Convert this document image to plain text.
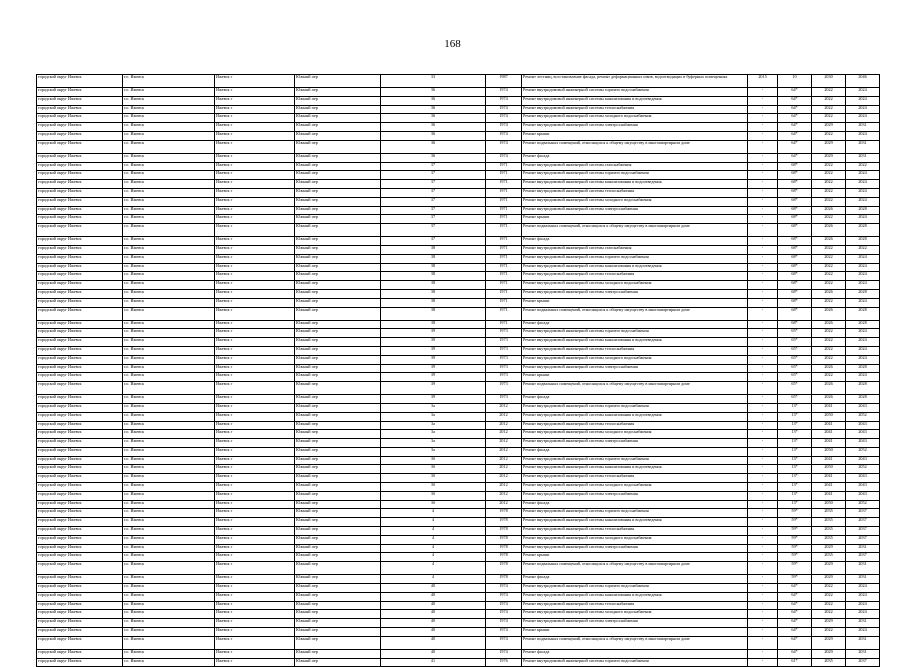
168
городской округ Ижевск	г.о. Ижевск	Ижевск г	Южный пер	33	1987	Ремонт лестниц, восстановление фасада, ремонт деформационных швов, водоотводящих в буферных помещениях	2015	10	2030	2046
городской округ Ижевск	г.о. Ижевск	Ижевск г	Южный пер	36	1974	Ремонт внутридомовой инженерной системы горячего водоснабжения	-	64*	2022	2024
городской округ Ижевск	г.о. Ижевск	Ижевск г	Южный пер	36	1974	Ремонт внутридомовой инженерной системы канализования и водоотведения	-	64*	2022	2024
городской округ Ижевск	г.о. Ижевск	Ижевск г	Южный пер	36	1974	Ремонт внутридомовой инженерной системы теплоснабжения	-	64*	2022	2024
городской округ Ижевск	г.о. Ижевск	Ижевск г	Южный пер	36	1974	Ремонт внутридомовой инженерной системы холодного водоснабжения	-	64*	2022	2024
городской округ Ижевск	г.о. Ижевск	Ижевск г	Южный пер	36	1974	Ремонт внутридомовой инженерной системы электроснабжения	-	64*	2029	2031
городской округ Ижевск	г.о. Ижевск	Ижевск г	Южный пер	36	1974	Ремонт крыши	-	64*	2022	2024
городской округ Ижевск	г.о. Ижевск	Ижевск г	Южный пер	36	1974	Ремонт подвальных помещений, относящихся к общему имуществу в многоквартирном доме	-	64*	2029	2031
городской округ Ижевск	г.о. Ижевск	Ижевск г	Южный пер	36	1974	Ремонт фасада	-	64*	2029	2031
городской округ Ижевск	г.о. Ижевск	Ижевск г	Южный пер	37	1971	Ремонт внутридомовой инженерной системы газоснабжения	-	68*	2022	2022
городской округ Ижевск	г.о. Ижевск	Ижевск г	Южный пер	37	1971	Ремонт внутридомовой инженерной системы горячего водоснабжения	-	68*	2022	2024
городской округ Ижевск	г.о. Ижевск	Ижевск г	Южный пер	37	1971	Ремонт внутридомовой инженерной системы канализования и водоотведения	-	68*	2022	2024
городской округ Ижевск	г.о. Ижевск	Ижевск г	Южный пер	37	1971	Ремонт внутридомовой инженерной системы теплоснабжения	-	68*	2022	2024
городской округ Ижевск	г.о. Ижевск	Ижевск г	Южный пер	37	1971	Ремонт внутридомовой инженерной системы холодного водоснабжения	-	68*	2022	2024
городской округ Ижевск	г.о. Ижевск	Ижевск г	Южный пер	37	1971	Ремонт внутридомовой инженерной системы электроснабжения	-	68*	2026	2028
городской округ Ижевск	г.о. Ижевск	Ижевск г	Южный пер	37	1971	Ремонт крыши	-	68*	2022	2024
городской округ Ижевск	г.о. Ижевск	Ижевск г	Южный пер	37	1971	Ремонт подвальных помещений, относящихся к общему имуществу в многоквартирном доме	-	68*	2026	2028
городской округ Ижевск	г.о. Ижевск	Ижевск г	Южный пер	37	1971	Ремонт фасада	-	68*	2026	2028
городской округ Ижевск	г.о. Ижевск	Ижевск г	Южный пер	38	1971	Ремонт внутридомовой инженерной системы газоснабжения	-	68*	2022	2022
городской округ Ижевск	г.о. Ижевск	Ижевск г	Южный пер	38	1971	Ремонт внутридомовой инженерной системы горячего водоснабжения	-	68*	2022	2024
городской округ Ижевск	г.о. Ижевск	Ижевск г	Южный пер	38	1971	Ремонт внутридомовой инженерной системы канализования и водоотведения	-	68*	2022	2024
городской округ Ижевск	г.о. Ижевск	Ижевск г	Южный пер	38	1971	Ремонт внутридомовой инженерной системы теплоснабжения	-	68*	2022	2024
городской округ Ижевск	г.о. Ижевск	Ижевск г	Южный пер	38	1971	Ремонт внутридомовой инженерной системы холодного водоснабжения	-	68*	2022	2024
городской округ Ижевск	г.о. Ижевск	Ижевск г	Южный пер	38	1971	Ремонт внутридомовой инженерной системы электроснабжения	-	68*	2026	2028
городской округ Ижевск	г.о. Ижевск	Ижевск г	Южный пер	38	1971	Ремонт крыши	-	68*	2022	2024
городской округ Ижевск	г.о. Ижевск	Ижевск г	Южный пер	38	1971	Ремонт подвальных помещений, относящихся к общему имуществу в многоквартирном доме	-	68*	2026	2028
городской округ Ижевск	г.о. Ижевск	Ижевск г	Южный пер	38	1971	Ремонт фасада	-	68*	2026	2028
городской округ Ижевск	г.о. Ижевск	Ижевск г	Южный пер	39	1973	Ремонт внутридомовой инженерной системы горячего водоснабжения	-	65*	2022	2024
городской округ Ижевск	г.о. Ижевск	Ижевск г	Южный пер	39	1973	Ремонт внутридомовой инженерной системы канализования и водоотведения	-	65*	2022	2024
городской округ Ижевск	г.о. Ижевск	Ижевск г	Южный пер	39	1973	Ремонт внутридомовой инженерной системы теплоснабжения	-	65*	2022	2024
городской округ Ижевск	г.о. Ижевск	Ижевск г	Южный пер	39	1973	Ремонт внутридомовой инженерной системы холодного водоснабжения	-	65*	2022	2024
городской округ Ижевск	г.о. Ижевск	Ижевск г	Южный пер	39	1973	Ремонт внутридомовой инженерной системы электроснабжения	-	65*	2026	2028
городской округ Ижевск	г.о. Ижевск	Ижевск г	Южный пер	39	1973	Ремонт крыши	-	65*	2022	2024
городской округ Ижевск	г.о. Ижевск	Ижевск г	Южный пер	39	1973	Ремонт подвальных помещений, относящихся к общему имуществу в многоквартирном доме	-	65*	2026	2028
городской округ Ижевск	г.о. Ижевск	Ижевск г	Южный пер	39	1973	Ремонт фасада	-	65*	2026	2028
городской округ Ижевск	г.о. Ижевск	Ижевск г	Южный пер	3а	2012	Ремонт внутридомовой инженерной системы горячего водоснабжения	-	13*	2041	2043
городской округ Ижевск	г.о. Ижевск	Ижевск г	Южный пер	3а	2012	Ремонт внутридомовой инженерной системы канализования и водоотведения	-	13*	2050	2052
городской округ Ижевск	г.о. Ижевск	Ижевск г	Южный пер	3а	2012	Ремонт внутридомовой инженерной системы теплоснабжения	-	13*	2041	2043
городской округ Ижевск	г.о. Ижевск	Ижевск г	Южный пер	3а	2012	Ремонт внутридомовой инженерной системы холодного водоснабжения	-	13*	2041	2043
городской округ Ижевск	г.о. Ижевск	Ижевск г	Южный пер	3а	2012	Ремонт внутридомовой инженерной системы электроснабжения	-	13*	2041	2043
городской округ Ижевск	г.о. Ижевск	Ижевск г	Южный пер	3а	2012	Ремонт фасада	-	13*	2050	2052
городской округ Ижевск	г.о. Ижевск	Ижевск г	Южный пер	3б	2012	Ремонт внутридомовой инженерной системы горячего водоснабжения	-	13*	2041	2043
городской округ Ижевск	г.о. Ижевск	Ижевск г	Южный пер	3б	2012	Ремонт внутридомовой инженерной системы канализования и водоотведения	-	13*	2050	2052
городской округ Ижевск	г.о. Ижевск	Ижевск г	Южный пер	3б	2012	Ремонт внутридомовой инженерной системы теплоснабжения	-	13*	2041	2043
городской округ Ижевск	г.о. Ижевск	Ижевск г	Южный пер	3б	2012	Ремонт внутридомовой инженерной системы холодного водоснабжения	-	13*	2041	2043
городской округ Ижевск	г.о. Ижевск	Ижевск г	Южный пер	3б	2012	Ремонт внутридомовой инженерной системы электроснабжения	-	13*	2041	2043
городской округ Ижевск	г.о. Ижевск	Ижевск г	Южный пер	3б	2012	Ремонт фасада	-	13*	2050	2052
городской округ Ижевск	г.о. Ижевск	Ижевск г	Южный пер	4	1978	Ремонт внутридомовой инженерной системы горячего водоснабжения	-	59*	2035	2037
городской округ Ижевск	г.о. Ижевск	Ижевск г	Южный пер	4	1978	Ремонт внутридомовой инженерной системы канализования и водоотведения	-	59*	2035	2037
городской округ Ижевск	г.о. Ижевск	Ижевск г	Южный пер	4	1978	Ремонт внутридомовой инженерной системы теплоснабжения	-	59*	2035	2037
городской округ Ижевск	г.о. Ижевск	Ижевск г	Южный пер	4	1978	Ремонт внутридомовой инженерной системы холодного водоснабжения	-	59*	2035	2037
городской округ Ижевск	г.о. Ижевск	Ижевск г	Южный пер	4	1978	Ремонт внутридомовой инженерной системы электроснабжения	-	59*	2029	2031
городской округ Ижевск	г.о. Ижевск	Ижевск г	Южный пер	4	1978	Ремонт крыши	-	59*	2035	2037
городской округ Ижевск	г.о. Ижевск	Ижевск г	Южный пер	4	1978	Ремонт подвальных помещений, относящихся к общему имуществу в многоквартирном доме	-	59*	2029	2031
городской округ Ижевск	г.о. Ижевск	Ижевск г	Южный пер	4	1978	Ремонт фасада	-	59*	2029	2031
городской округ Ижевск	г.о. Ижевск	Ижевск г	Южный пер	40	1974	Ремонт внутридомовой инженерной системы горячего водоснабжения	-	64*	2022	2024
городской округ Ижевск	г.о. Ижевск	Ижевск г	Южный пер	40	1974	Ремонт внутридомовой инженерной системы канализования и водоотведения	-	64*	2022	2024
городской округ Ижевск	г.о. Ижевск	Ижевск г	Южный пер	40	1974	Ремонт внутридомовой инженерной системы теплоснабжения	-	64*	2022	2024
городской округ Ижевск	г.о. Ижевск	Ижевск г	Южный пер	40	1974	Ремонт внутридомовой инженерной системы холодного водоснабжения	-	64*	2022	2024
городской округ Ижевск	г.о. Ижевск	Ижевск г	Южный пер	40	1974	Ремонт внутридомовой инженерной системы электроснабжения	-	64*	2029	2031
городской округ Ижевск	г.о. Ижевск	Ижевск г	Южный пер	40	1974	Ремонт крыши	-	64*	2022	2024
городской округ Ижевск	г.о. Ижевск	Ижевск г	Южный пер	40	1974	Ремонт подвальных помещений, относящихся к общему имуществу в многоквартирном доме	-	64*	2029	2031
городской округ Ижевск	г.о. Ижевск	Ижевск г	Южный пер	40	1974	Ремонт фасада	-	64*	2029	2031
городской округ Ижевск	г.о. Ижевск	Ижевск г	Южный пер	41	1976	Ремонт внутридомовой инженерной системы горячего водоснабжения	-	61*	2035	2037
